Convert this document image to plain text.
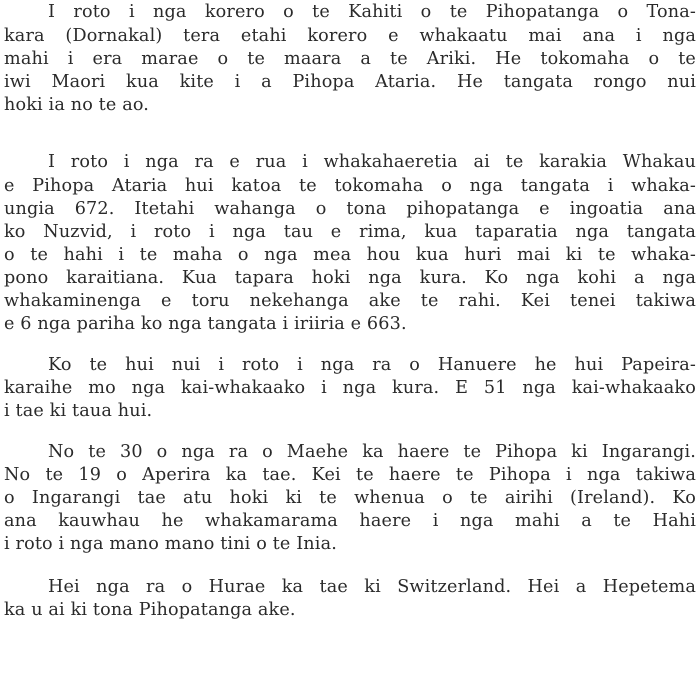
I roto i nga korero o te Kahiti o te Pihopatanga o Tona-
kara (Dornakal) tera etahi korero e whakaatu mai ana i nga
mahi i era marae o te maara a te Ariki. He tokomaha o te
iwi Maori kua kite i a Pihopa Ataria. He tangata rongo nui
hoki ia no te ao.
I roto i nga ra e rua i whakahaeretia ai te karakia Whakau
e Pihopa Ataria hui katoa te tokomaha o nga tangata i whaka-
ungia 672. Itetahi wahanga o tona pihopatanga e ingoatia ana
ko Nuzvid, i roto i nga tau e rima, kua taparatia nga tangata
o te hahi i te maha o nga mea hou kua huri mai ki te whaka-
pono karaitiana. Kua tapara hoki nga kura. Ko nga kohi a nga
whakaminenga e toru nekehanga ake te rahi. Kei tenei takiwa
e 6 nga pariha ko nga tangata i iriiria e 663.
Ko te hui nui i roto i nga ra o Hanuere he hui Papeira-
karaihe mo nga kai-whakaako i nga kura. E 51 nga kai-whakaako
i tae ki taua hui.
No te 30 o nga ra o Maehe ka haere te Pihopa ki Ingarangi.
No te 19 o Aperira ka tae. Kei te haere te Pihopa i nga takiwa
o Ingarangi tae atu hoki ki te whenua o te airihi (Ireland). Ko
ana kauwhau he whakamarama haere i nga mahi a te Hahi
i roto i nga mano mano tini o te Inia.
Hei nga ra o Hurae ka tae ki Switzerland. Hei a Hepetema
ka u ai ki tona Pihopatanga ake.
